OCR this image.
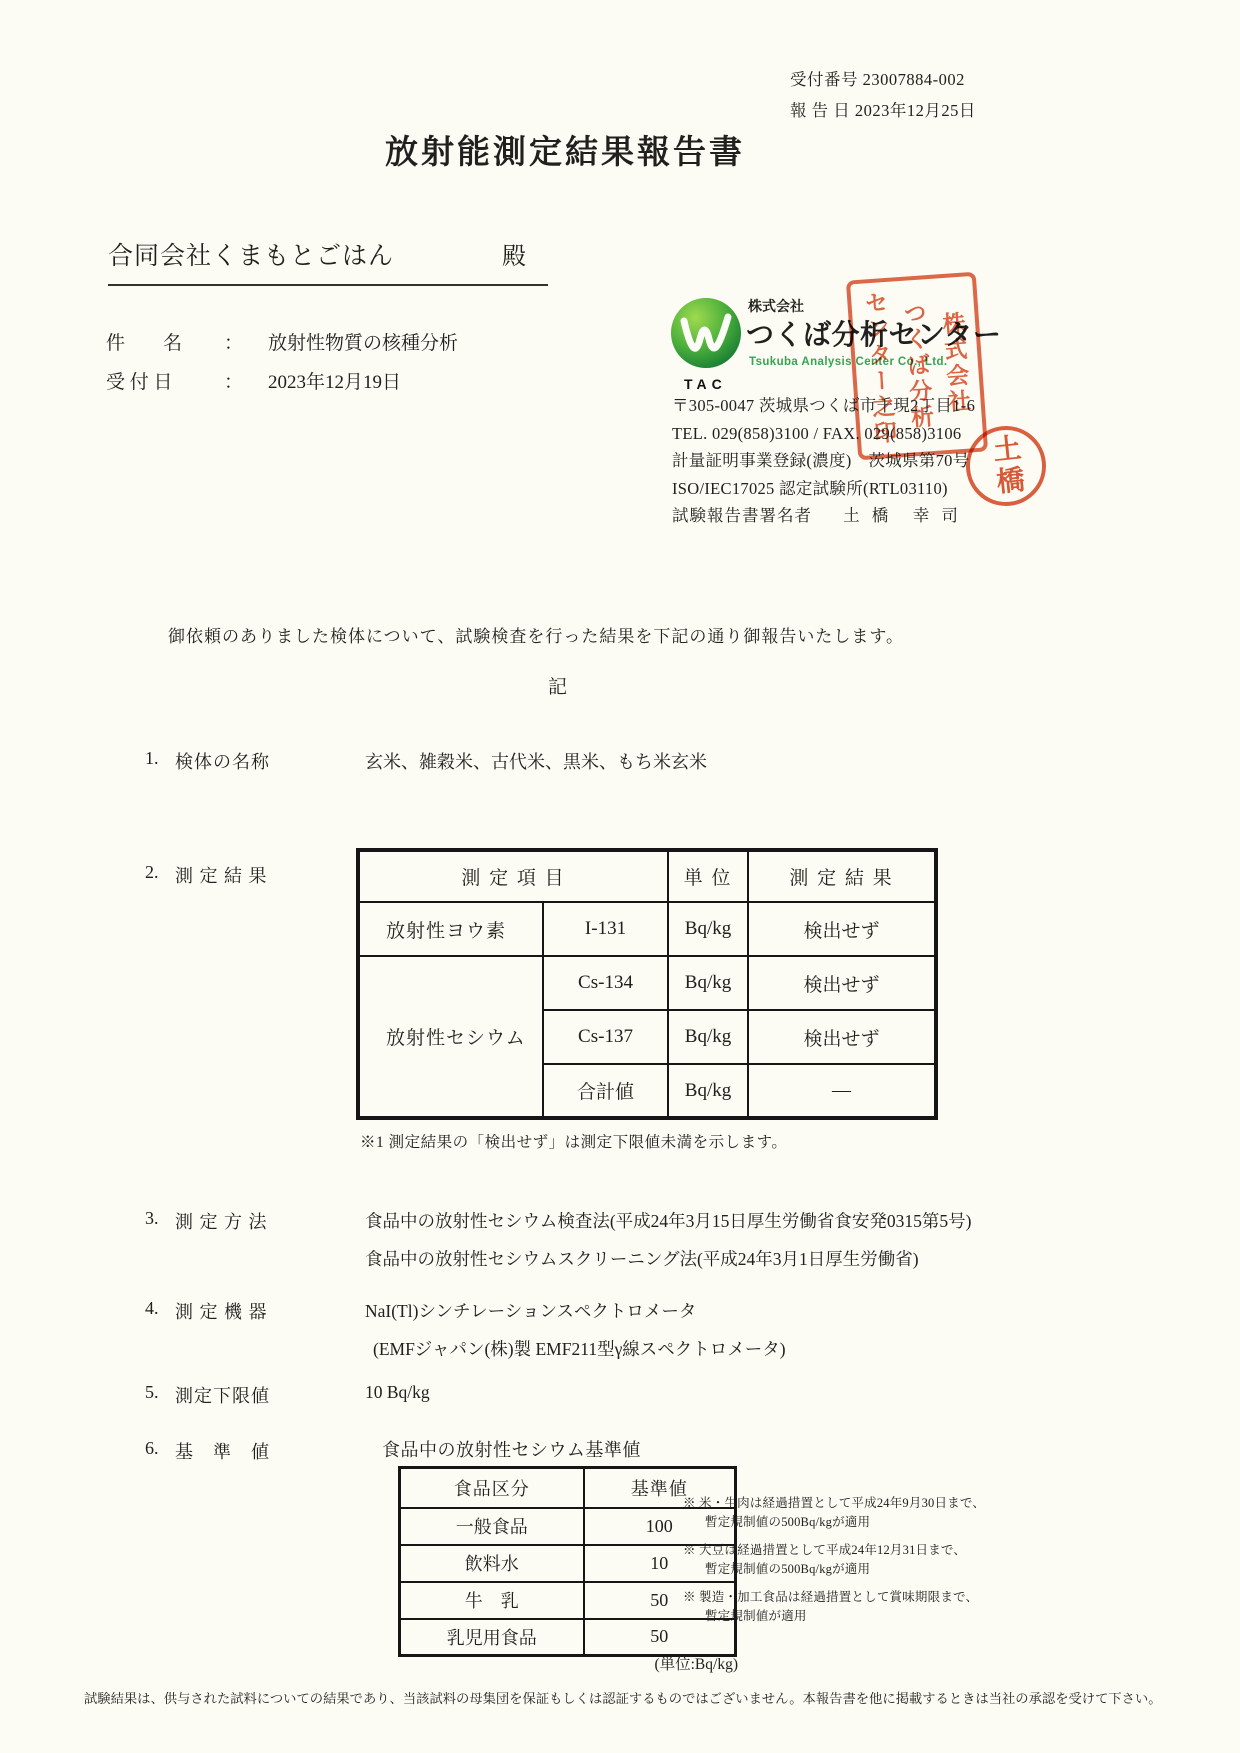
受付番号 23007884-002
報 告 日 2023年12月25日
放射能測定結果報告書
合同会社くまもとごはん	殿
件　　名	：	放射性物質の核種分析
受 付 日	：	2023年12月19日	TAC
株式会社
つくば分析センター
Tsukuba Analysis Center Co., Ltd.
株式会社
つくば分析
センター之印
〒305-0047 茨城県つくば市千現2丁目1-6
TEL. 029(858)3100 / FAX. 029(858)3106
計量証明事業登録(濃度)　茨城県第70号
ISO/IEC17025 認定試験所(RTL03110)
試験報告書署名者 土 橋　幸 司
土橋
御依頼のありました検体について、試験検査を行った結果を下記の通り御報告いたします。
記
1. 検体の名称	玄米、雑穀米、古代米、黒米、もち米玄米
2. 測 定 結 果	測 定 項 目		単 位	測 定 結 果
放射性ヨウ素	I-131	Bq/kg	検出せず
放射性セシウム	Cs-134	Bq/kg	検出せず
	Cs-137	Bq/kg	検出せず
	合計値	Bq/kg	—
※1 測定結果の「検出せず」は測定下限値未満を示します。
3. 測 定 方 法	食品中の放射性セシウム検査法(平成24年3月15日厚生労働省食安発0315第5号)
食品中の放射性セシウムスクリーニング法(平成24年3月1日厚生労働省)
4. 測 定 機 器	NaI(Tl)シンチレーションスペクトロメータ
(EMFジャパン(株)製 EMF211型γ線スペクトロメータ)
5. 測定下限値	10 Bq/kg
6. 基　準　値	食品中の放射性セシウム基準値
食品区分	基準値
一般食品	100
飲料水	10
牛　乳	50
乳児用食品	50
(単位:Bq/kg)
※ 米・牛肉は経過措置として平成24年9月30日まで、
暫定規制値の500Bq/kgが適用
※ 大豆は経過措置として平成24年12月31日まで、
暫定規制値の500Bq/kgが適用
※ 製造・加工食品は経過措置として賞味期限まで、
暫定規制値が適用
試験結果は、供与された試料についての結果であり、当該試料の母集団を保証もしくは認証するものではございません。本報告書を他に掲載するときは当社の承認を受けて下さい。
